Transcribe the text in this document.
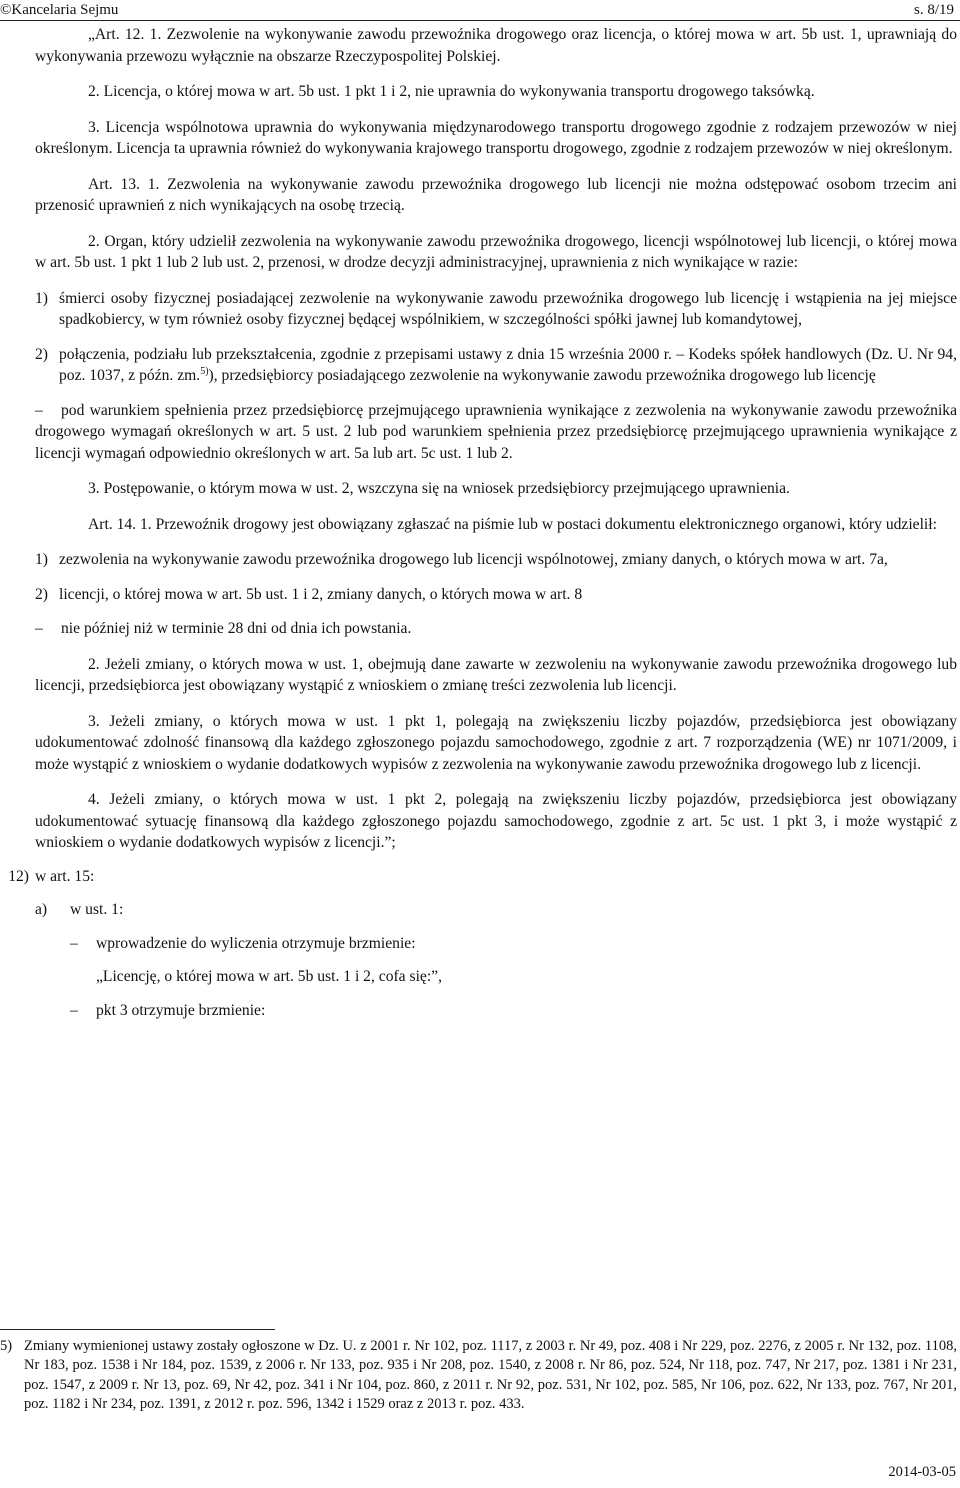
©Kancelaria Sejmu	s. 8/19

„Art. 12. 1. Zezwolenie na wykonywanie zawodu przewoźnika drogowego oraz licencja, o której mowa w art. 5b ust. 1, uprawniają do wykonywania przewozu wyłącznie na obszarze Rzeczypospolitej Polskiej.

2. Licencja, o której mowa w art. 5b ust. 1 pkt 1 i 2, nie uprawnia do wykonywania transportu drogowego taksówką.

3. Licencja wspólnotowa uprawnia do wykonywania międzynarodowego transportu drogowego zgodnie z rodzajem przewozów w niej określonym. Licencja ta uprawnia również do wykonywania krajowego transportu drogowego, zgodnie z rodzajem przewozów w niej określonym.

Art. 13. 1. Zezwolenia na wykonywanie zawodu przewoźnika drogowego lub licencji nie można odstępować osobom trzecim ani przenosić uprawnień z nich wynikających na osobę trzecią.

2. Organ, który udzielił zezwolenia na wykonywanie zawodu przewoźnika drogowego, licencji wspólnotowej lub licencji, o której mowa w art. 5b ust. 1 pkt 1 lub 2 lub ust. 2, przenosi, w drodze decyzji administracyjnej, uprawnienia z nich wynikające w razie:

1) śmierci osoby fizycznej posiadającej zezwolenie na wykonywanie zawodu przewoźnika drogowego lub licencję i wstąpienia na jej miejsce spadkobiercy, w tym również osoby fizycznej będącej wspólnikiem, w szczególności spółki jawnej lub komandytowej,
2) połączenia, podziału lub przekształcenia, zgodnie z przepisami ustawy z dnia 15 września 2000 r. – Kodeks spółek handlowych (Dz. U. Nr 94, poz. 1037, z późn. zm.$^{5)}$), przedsiębiorcy posiadającego zezwolenie na wykonywanie zawodu przewoźnika drogowego lub licencję

– pod warunkiem spełnienia przez przedsiębiorcę przejmującego uprawnienia wynikające z zezwolenia na wykonywanie zawodu przewoźnika drogowego wymagań określonych w art. 5 ust. 2 lub pod warunkiem spełnienia przez przedsiębiorcę przejmującego uprawnienia wynikające z licencji wymagań odpowiednio określonych w art. 5a lub art. 5c ust. 1 lub 2.

3. Postępowanie, o którym mowa w ust. 2, wszczyna się na wniosek przedsiębiorcy przejmującego uprawnienia.

Art. 14. 1. Przewoźnik drogowy jest obowiązany zgłaszać na piśmie lub w postaci dokumentu elektronicznego organowi, który udzielił:

1) zezwolenia na wykonywanie zawodu przewoźnika drogowego lub licencji wspólnotowej, zmiany danych, o których mowa w art. 7a,
2) licencji, o której mowa w art. 5b ust. 1 i 2, zmiany danych, o których mowa w art. 8

– nie później niż w terminie 28 dni od dnia ich powstania.

2. Jeżeli zmiany, o których mowa w ust. 1, obejmują dane zawarte w zezwoleniu na wykonywanie zawodu przewoźnika drogowego lub licencji, przedsiębiorca jest obowiązany wystąpić z wnioskiem o zmianę treści zezwolenia lub licencji.

3. Jeżeli zmiany, o których mowa w ust. 1 pkt 1, polegają na zwiększeniu liczby pojazdów, przedsiębiorca jest obowiązany udokumentować zdolność finansową dla każdego zgłoszonego pojazdu samochodowego, zgodnie z art. 7 rozporządzenia (WE) nr 1071/2009, i może wystąpić z wnioskiem o wydanie dodatkowych wypisów z zezwolenia na wykonywanie zawodu przewoźnika drogowego lub z licencji.

4. Jeżeli zmiany, o których mowa w ust. 1 pkt 2, polegają na zwiększeniu liczby pojazdów, przedsiębiorca jest obowiązany udokumentować sytuację finansową dla każdego zgłoszonego pojazdu samochodowego, zgodnie z art. 5c ust. 1 pkt 3, i może wystąpić z wnioskiem o wydanie dodatkowych wypisów z licencji.”;

12) w art. 15:
a)	w ust. 1:
–	wprowadzenie do wyliczenia otrzymuje brzmienie:

„Licencję, o której mowa w art. 5b ust. 1 i 2, cofa się:”,

–	pkt 3 otrzymuje brzmienie:
5) Zmiany wymienionej ustawy zostały ogłoszone w Dz. U. z 2001 r. Nr 102, poz. 1117, z 2003 r. Nr 49, poz. 408 i Nr 229, poz. 2276, z 2005 r. Nr 132, poz. 1108, Nr 183, poz. 1538 i Nr 184, poz. 1539, z 2006 r. Nr 133, poz. 935 i Nr 208, poz. 1540, z 2008 r. Nr 86, poz. 524, Nr 118, poz. 747, Nr 217, poz. 1381 i Nr 231, poz. 1547, z 2009 r. Nr 13, poz. 69, Nr 42, poz. 341 i Nr 104, poz. 860, z 2011 r. Nr 92, poz. 531, Nr 102, poz. 585, Nr 106, poz. 622, Nr 133, poz. 767, Nr 201, poz. 1182 i Nr 234, poz. 1391, z 2012 r. poz. 596, 1342 i 1529 oraz z 2013 r. poz. 433.
2014-03-05
